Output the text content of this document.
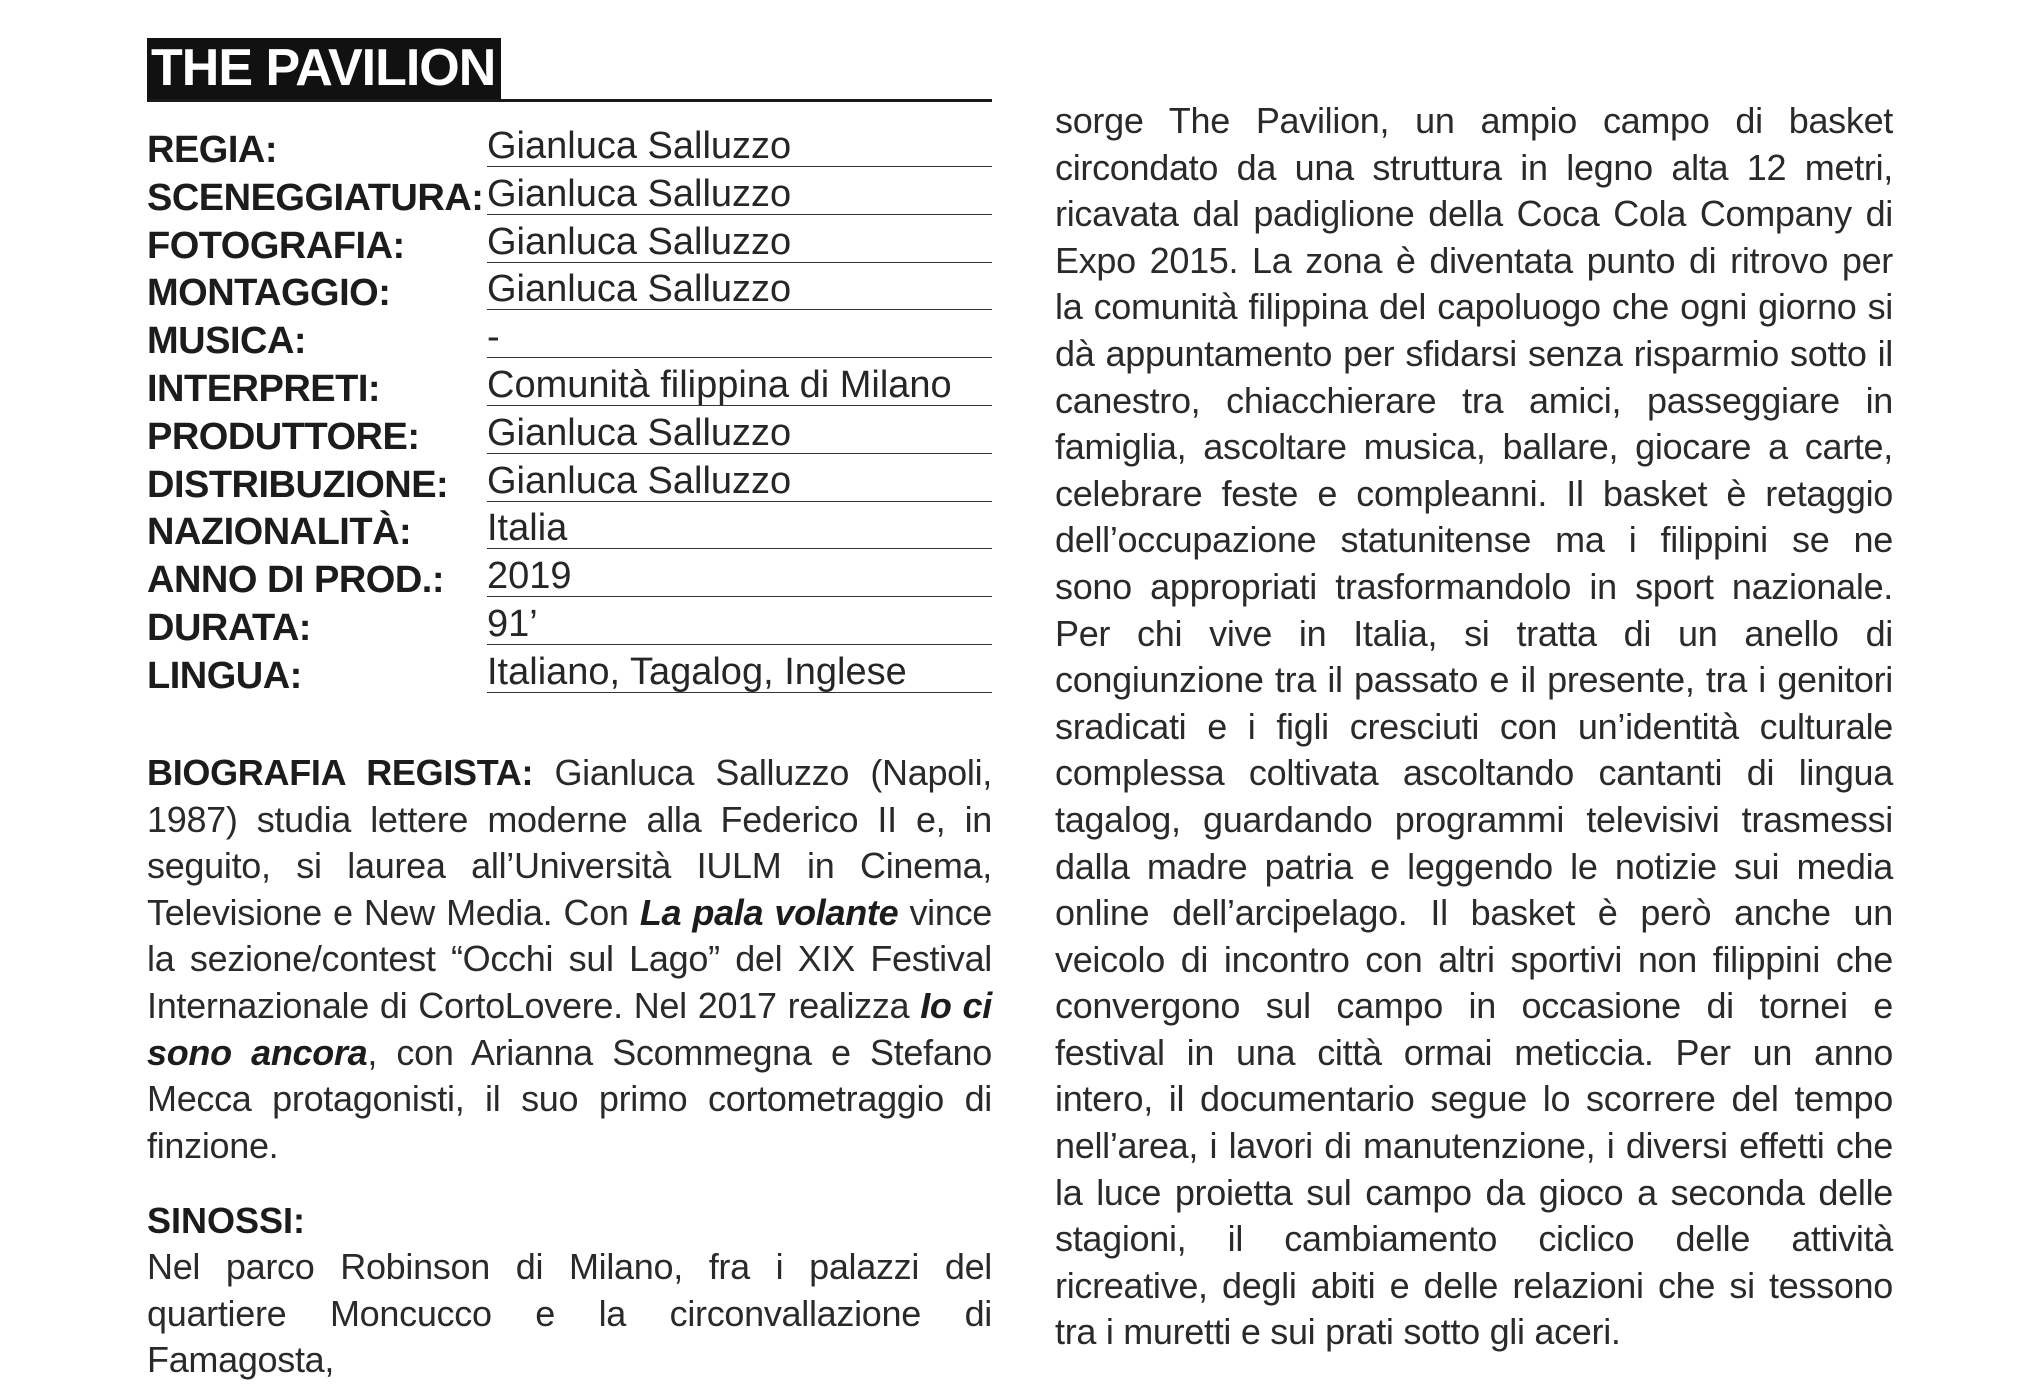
THE PAVILION
REGIA:	Gianluca Salluzzo
SCENEGGIATURA: Gianluca Salluzzo
FOTOGRAFIA: Gianluca Salluzzo
MONTAGGIO:	Gianluca Salluzzo
MUSICA:	-
INTERPRETI:	Comunità filippina di Milano
PRODUTTORE: Gianluca Salluzzo
DISTRIBUZIONE: Gianluca Salluzzo
NAZIONALITÀ: Italia
ANNO DI PROD.: 2019
DURATA:	91’
LINGUA:	Italiano, Tagalog, Inglese
BIOGRAFIA REGISTA: Gianluca Salluzzo (Napoli, 1987) studia lettere moderne alla Federico II e, in seguito, si laurea all’Università IULM in Cinema, Televisione e New Media. Con La pala volante vince la sezione/contest “Occhi sul Lago” del XIX Festival Internazionale di CortoLovere. Nel 2017 realizza Io ci sono ancora, con Arianna Scommegna e Stefano Mecca protagonisti, il suo primo cortometraggio di finzione.
SINOSSI:
Nel parco Robinson di Milano, fra i palazzi del quartiere Moncucco e la circonvallazione di Famagosta,
sorge The Pavilion, un ampio campo di basket circondato da una struttura in legno alta 12 metri, ricavata dal padiglione della Coca Cola Company di Expo 2015. La zona è diventata punto di ritrovo per la comunità filippina del capoluogo che ogni giorno si dà appuntamento per sfidarsi senza risparmio sotto il canestro, chiacchierare tra amici, passeggiare in famiglia, ascoltare musica, ballare, giocare a carte, celebrare feste e compleanni. Il basket è retaggio dell’occupazione statunitense ma i filippini se ne sono appropriati trasformandolo in sport nazionale. Per chi vive in Italia, si tratta di un anello di congiunzione tra il passato e il presente, tra i genitori sradicati e i figli cresciuti con un’identità culturale complessa coltivata ascoltando cantanti di lingua tagalog, guardando programmi televisivi trasmessi dalla madre patria e leggendo le notizie sui media online dell’arcipelago. Il basket è però anche un veicolo di incontro con altri sportivi non filippini che convergono sul campo in occasione di tornei e festival in una città ormai meticcia. Per un anno intero, il documentario segue lo scorrere del tempo nell’area, i lavori di manutenzione, i diversi effetti che la luce proietta sul campo da gioco a seconda delle stagioni, il cambiamento ciclico delle attività ricreative, degli abiti e delle relazioni che si tessono tra i muretti e sui prati sotto gli aceri.
